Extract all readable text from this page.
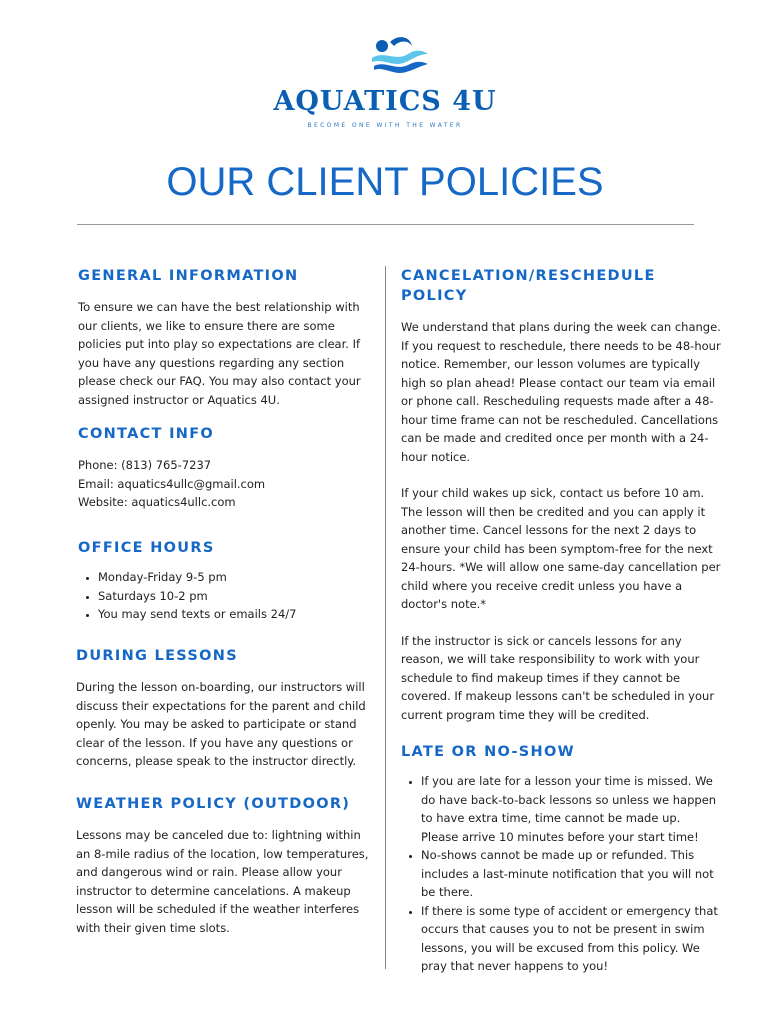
AQUATICS 4U
BECOME ONE WITH THE WATER
OUR CLIENT POLICIES
GENERAL INFORMATION

To ensure we can have the best relationship with our clients, we like to ensure there are some policies put into play so expectations are clear. If you have any questions regarding any section please check our FAQ. You may also contact your assigned instructor or Aquatics 4U.

CONTACT INFO

Phone: (813) 765-7237

Email: aquatics4ullc@gmail.com

Website: aquatics4ullc.com

OFFICE HOURS
• Monday-Friday 9-5 pm
• Saturdays 10-2 pm
• You may send texts or emails 24/7
DURING LESSONS

During the lesson on-boarding, our instructors will discuss their expectations for the parent and child openly. You may be asked to participate or stand clear of the lesson. If you have any questions or concerns, please speak to the instructor directly.

WEATHER POLICY (OUTDOOR)

Lessons may be canceled due to: lightning within an 8-mile radius of the location, low temperatures, and dangerous wind or rain. Please allow your instructor to determine cancelations. A makeup lesson will be scheduled if the weather interferes with their given time slots.

CANCELATION/RESCHEDULE POLICY

We understand that plans during the week can change. If you request to reschedule, there needs to be 48-hour notice. Remember, our lesson volumes are typically high so plan ahead! Please contact our team via email or phone call. Rescheduling requests made after a 48-hour time frame can not be rescheduled. Cancellations can be made and credited once per month with a 24-hour notice.

If your child wakes up sick, contact us before 10 am. The lesson will then be credited and you can apply it another time. Cancel lessons for the next 2 days to ensure your child has been symptom-free for the next 24-hours. *We will allow one same-day cancellation per child where you receive credit unless you have a doctor's note.*

If the instructor is sick or cancels lessons for any reason, we will take responsibility to work with your schedule to find makeup times if they cannot be covered. If makeup lessons can't be scheduled in your current program time they will be credited.

LATE OR NO-SHOW
• If you are late for a lesson your time is missed. We do have back-to-back lessons so unless we happen to have extra time, time cannot be made up. Please arrive 10 minutes before your start time!
• No-shows cannot be made up or refunded. This includes a last-minute notification that you will not be there.
• If there is some type of accident or emergency that occurs that causes you to not be present in swim lessons, you will be excused from this policy. We pray that never happens to you!
